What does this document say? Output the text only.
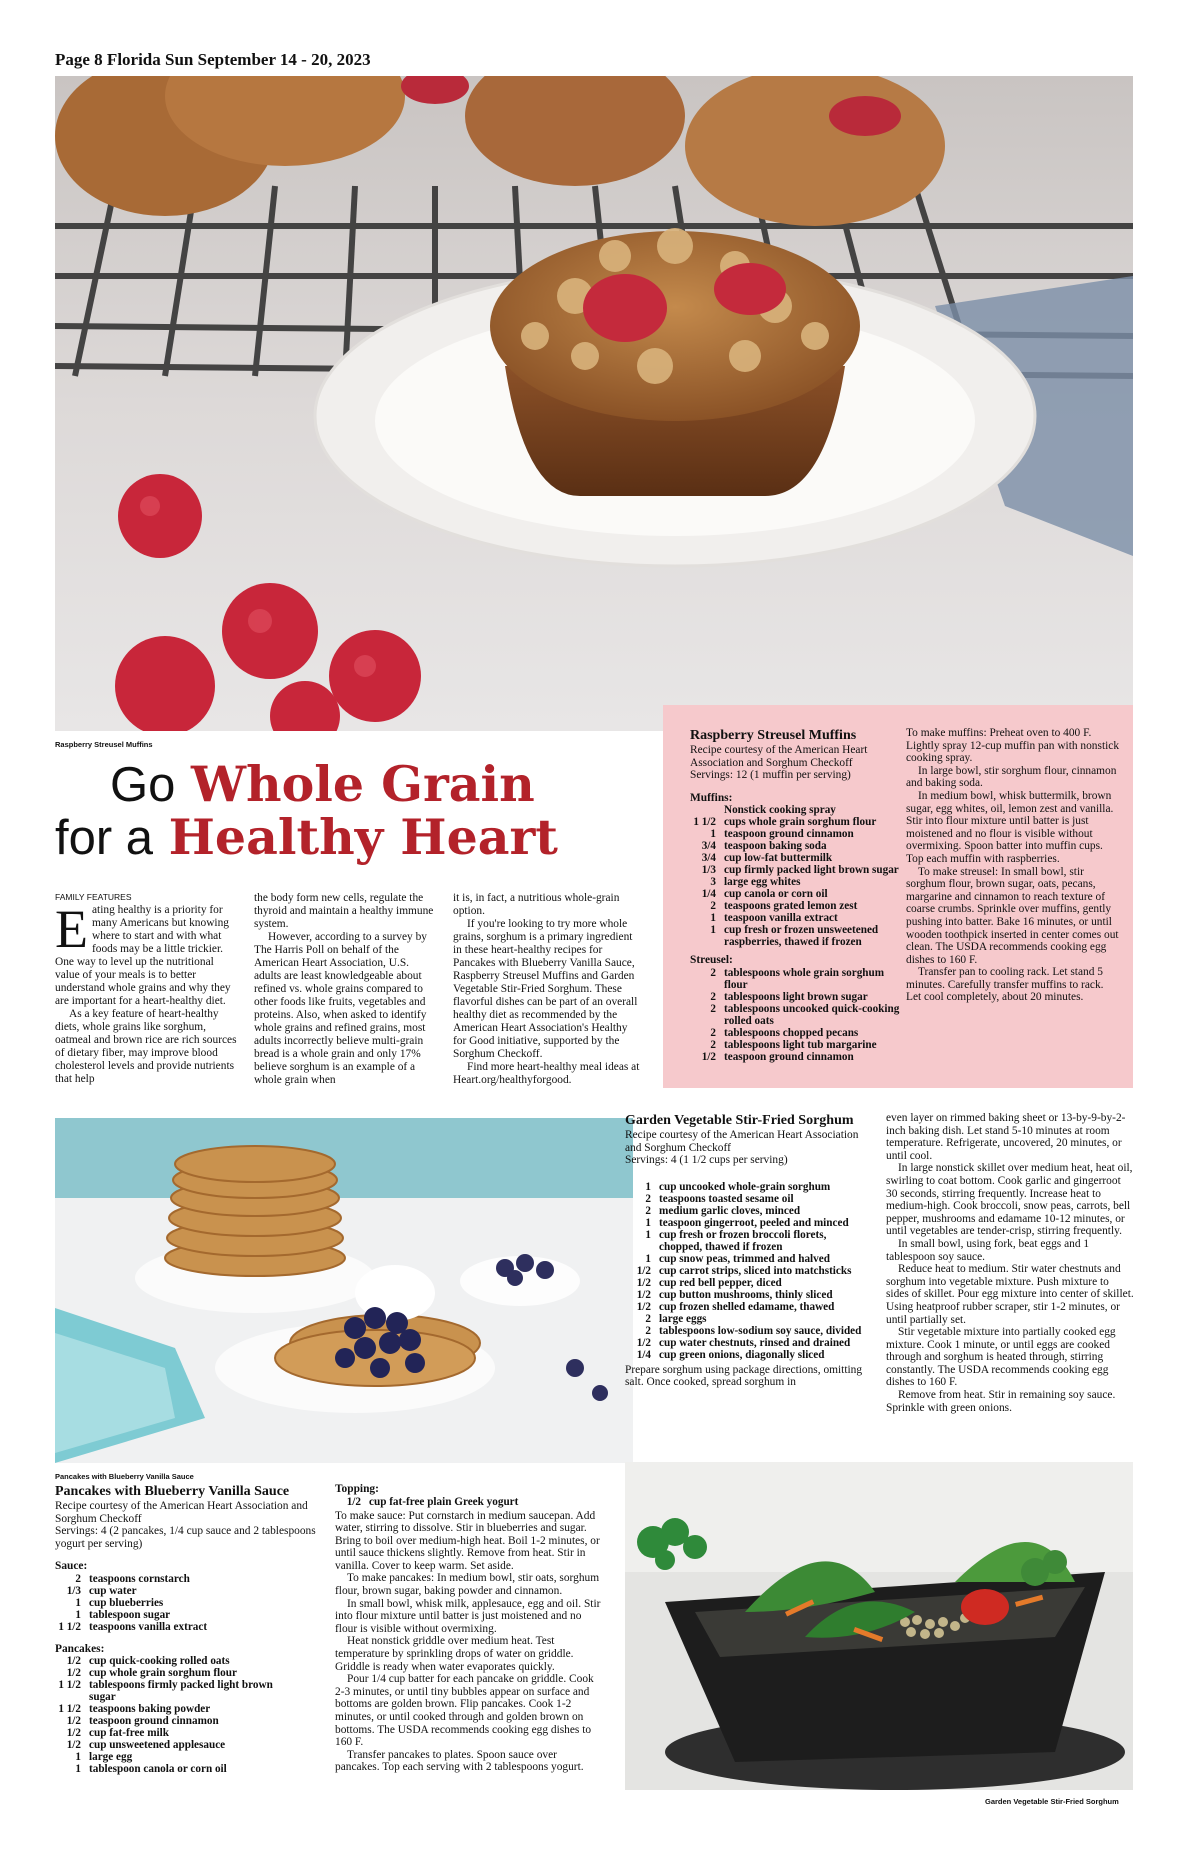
Page 8 Florida Sun September 14 - 20, 2023
Raspberry Streusel Muffins
Go Whole Grain
for a Healthy Heart
FAMILY FEATURES
E ating healthy is a priority for many Americans but knowing where to start and with what foods may be a little trickier. One way to level up the nutritional value of your meals is to better understand whole grains and why they are important for a heart-healthy diet.

As a key feature of heart-healthy diets, whole grains like sorghum, oatmeal and brown rice are rich sources of dietary fiber, may improve blood cholesterol levels and provide nutrients that help

the body form new cells, regulate the thyroid and maintain a healthy immune system.

However, according to a survey by The Harris Poll on behalf of the American Heart Association, U.S. adults are least knowledgeable about refined vs. whole grains compared to other foods like fruits, vegetables and proteins. Also, when asked to identify whole grains and refined grains, most adults incorrectly believe multi-grain bread is a whole grain and only 17% believe sorghum is an example of a whole grain when

it is, in fact, a nutritious whole-grain option.

If you're looking to try more whole grains, sorghum is a primary ingredient in these heart-healthy recipes for Pancakes with Blueberry Vanilla Sauce, Raspberry Streusel Muffins and Garden Vegetable Stir-Fried Sorghum. These flavorful dishes can be part of an overall healthy diet as recommended by the American Heart Association's Healthy for Good initiative, supported by the Sorghum Checkoff.

Find more heart-healthy meal ideas at Heart.org/healthyforgood.

Raspberry Streusel Muffins
Recipe courtesy of the American Heart Association and Sorghum Checkoff
Servings: 12 (1 muffin per serving)
Muffins:
Nonstick cooking spray
1 1/2 cups whole grain sorghum flour
1 teaspoon ground cinnamon
3/4 teaspoon baking soda
3/4 cup low-fat buttermilk
1/3 cup firmly packed light brown sugar
3 large egg whites
1/4 cup canola or corn oil
2 teaspoons grated lemon zest
1 teaspoon vanilla extract
1 cup fresh or frozen unsweetened raspberries, thawed if frozen
Streusel:
2 tablespoons whole grain sorghum flour
2 tablespoons light brown sugar
2 tablespoons uncooked quick-cooking rolled oats
2 tablespoons chopped pecans
2 tablespoons light tub margarine
1/2 teaspoon ground cinnamon

To make muffins: Preheat oven to 400 F. Lightly spray 12-cup muffin pan with nonstick cooking spray.

In large bowl, stir sorghum flour, cinnamon and baking soda.

In medium bowl, whisk buttermilk, brown sugar, egg whites, oil, lemon zest and vanilla. Stir into flour mixture until batter is just moistened and no flour is visible without overmixing. Spoon batter into muffin cups. Top each muffin with raspberries.

To make streusel: In small bowl, stir sorghum flour, brown sugar, oats, pecans, margarine and cinnamon to reach texture of coarse crumbs. Sprinkle over muffins, gently pushing into batter. Bake 16 minutes, or until wooden toothpick inserted in center comes out clean. The USDA recommends cooking egg dishes to 160 F.

Transfer pan to cooling rack. Let stand 5 minutes. Carefully transfer muffins to rack. Let cool completely, about 20 minutes.

Pancakes with Blueberry Vanilla Sauce
Garden Vegetable Stir-Fried Sorghum
Recipe courtesy of the American Heart Association and Sorghum Checkoff
Servings: 4 (1 1/2 cups per serving)
1 cup uncooked whole-grain sorghum
2 teaspoons toasted sesame oil
2 medium garlic cloves, minced
1 teaspoon gingerroot, peeled and minced
1 cup fresh or frozen broccoli florets, chopped, thawed if frozen
1 cup snow peas, trimmed and halved
1/2 cup carrot strips, sliced into matchsticks
1/2 cup red bell pepper, diced
1/2 cup button mushrooms, thinly sliced
1/2 cup frozen shelled edamame, thawed
2 large eggs
2 tablespoons low-sodium soy sauce, divided
1/2 cup water chestnuts, rinsed and drained
1/4 cup green onions, diagonally sliced
Prepare sorghum using package directions, omitting salt. Once cooked, spread sorghum in

even layer on rimmed baking sheet or 13-by-9-by-2-inch baking dish. Let stand 5-10 minutes at room temperature. Refrigerate, uncovered, 20 minutes, or until cool.

In large nonstick skillet over medium heat, heat oil, swirling to coat bottom. Cook garlic and gingerroot 30 seconds, stirring frequently. Increase heat to medium-high. Cook broccoli, snow peas, carrots, bell pepper, mushrooms and edamame 10-12 minutes, or until vegetables are tender-crisp, stirring frequently.

In small bowl, using fork, beat eggs and 1 tablespoon soy sauce.

Reduce heat to medium. Stir water chestnuts and sorghum into vegetable mixture. Push mixture to sides of skillet. Pour egg mixture into center of skillet. Using heatproof rubber scraper, stir 1-2 minutes, or until partially set.

Stir vegetable mixture into partially cooked egg mixture. Cook 1 minute, or until eggs are cooked through and sorghum is heated through, stirring constantly. The USDA recommends cooking egg dishes to 160 F.

Remove from heat. Stir in remaining soy sauce. Sprinkle with green onions.

Pancakes with Blueberry Vanilla Sauce
Recipe courtesy of the American Heart Association and Sorghum Checkoff
Servings: 4 (2 pancakes, 1/4 cup sauce and 2 tablespoons yogurt per serving)
Sauce:
2 teaspoons cornstarch
1/3 cup water
1 cup blueberries
1 tablespoon sugar
1 1/2 teaspoons vanilla extract
Pancakes:
1/2 cup quick-cooking rolled oats
1/2 cup whole grain sorghum flour
1 1/2 tablespoons firmly packed light brown sugar
1 1/2 teaspoons baking powder
1/2 teaspoon ground cinnamon
1/2 cup fat-free milk
1/2 cup unsweetened applesauce
1 large egg
1 tablespoon canola or corn oil
Topping:
1/2 cup fat-free plain Greek yogurt

To make sauce: Put cornstarch in medium saucepan. Add water, stirring to dissolve. Stir in blueberries and sugar. Bring to boil over medium-high heat. Boil 1-2 minutes, or until sauce thickens slightly. Remove from heat. Stir in vanilla. Cover to keep warm. Set aside.

To make pancakes: In medium bowl, stir oats, sorghum flour, brown sugar, baking powder and cinnamon.

In small bowl, whisk milk, applesauce, egg and oil. Stir into flour mixture until batter is just moistened and no flour is visible without overmixing.

Heat nonstick griddle over medium heat. Test temperature by sprinkling drops of water on griddle. Griddle is ready when water evaporates quickly.

Pour 1/4 cup batter for each pancake on griddle. Cook 2-3 minutes, or until tiny bubbles appear on surface and bottoms are golden brown. Flip pancakes. Cook 1-2 minutes, or until cooked through and golden brown on bottoms. The USDA recommends cooking egg dishes to 160 F.

Transfer pancakes to plates. Spoon sauce over pancakes. Top each serving with 2 tablespoons yogurt.

Garden Vegetable Stir-Fried Sorghum
